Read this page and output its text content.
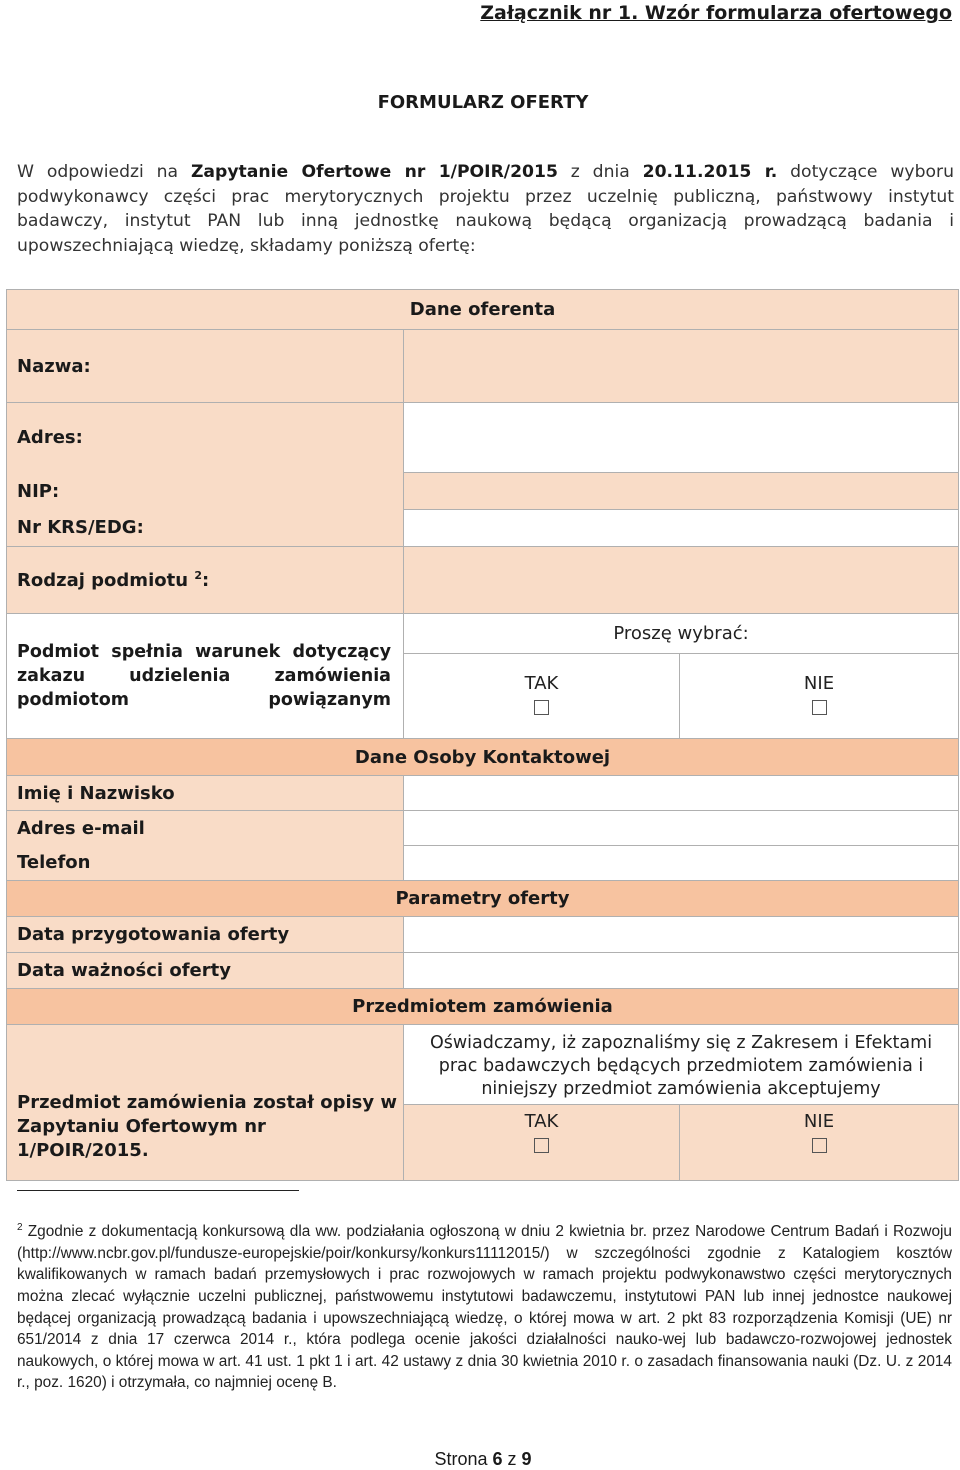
Załącznik nr 1. Wzór formularza ofertowego
FORMULARZ OFERTY
W odpowiedzi na Zapytanie Ofertowe nr 1/POIR/2015 z dnia 20.11.2015 r. dotyczące wyboru podwykonawcy części prac merytorycznych projektu przez uczelnię publiczną, państwowy instytut badawczy, instytut PAN lub inną jednostkę naukową będącą organizacją prowadzącą badania i upowszechniającą wiedzę, składamy poniższą ofertę:
Dane oferenta		
Nazwa:		
Adres:		
NIP:		
Nr KRS/EDG:		
Rodzaj podmiotu $^2$:		
Podmiot spełnia warunek dotyczący zakazu udzielenia zamówienia podmiotom powiązanym	Proszę wybrać:	

	TAK	NIE

Dane Osoby Kontaktowej		
Imię i Nazwisko		
Adres e-mail		
Telefon		
Parametry oferty		
Data przygotowania oferty		
Data ważności oferty		
Przedmiotem zamówienia		
Przedmiot zamówienia został opisy w Zapytaniu Ofertowym nr 1/POIR/2015.	Oświadczamy, iż zapoznaliśmy się z Zakresem i Efektami prac badawczych będących przedmiotem zamówienia i niniejszy przedmiot zamówienia akceptujemy	

	TAK	NIE
$^2$ Zgodnie z dokumentacją konkursową dla ww. podziałania ogłoszoną w dniu 2 kwietnia br. przez Narodowe Centrum Badań i Rozwoju (http://www.ncbr.gov.pl/fundusze-europejskie/poir/konkursy/konkurs11112015/) w szczególności zgodnie z Katalogiem kosztów kwalifikowanych w ramach badań przemysłowych i prac rozwojowych w ramach projektu podwykonawstwo części merytorycznych można zlecać wyłącznie uczelni publicznej, państwowemu instytutowi badawczemu, instytutowi PAN lub innej jednostce naukowej będącej organizacją prowadzącą badania i upowszechniającą wiedzę, o której mowa w art. 2 pkt 83 rozporządzenia Komisji (UE) nr 651/2014 z dnia 17 czerwca 2014 r., która podlega ocenie jakości działalności nauko-wej lub badawczo-rozwojowej jednostek naukowych, o której mowa w art. 41 ust. 1 pkt 1 i art. 42 ustawy z dnia 30 kwietnia 2010 r. o zasadach finansowania nauki (Dz. U. z 2014 r., poz. 1620) i otrzymała, co najmniej ocenę B.
Strona 6 z 9
